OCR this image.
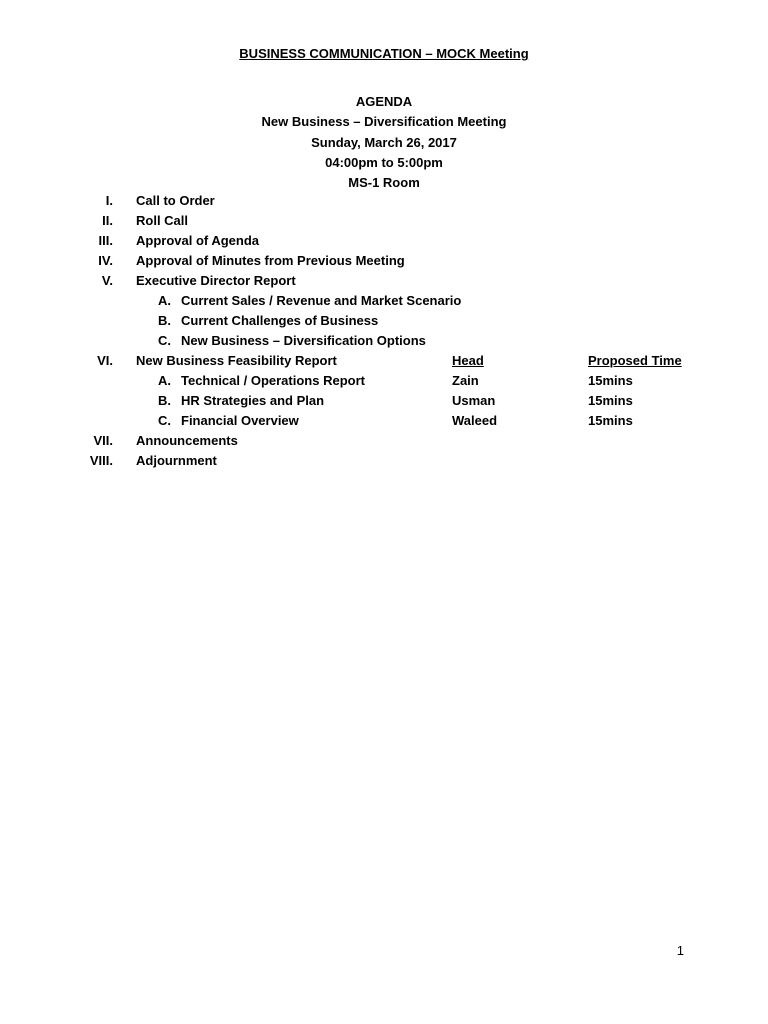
BUSINESS COMMUNICATION – MOCK Meeting
AGENDA
New Business – Diversification Meeting
Sunday, March 26, 2017
04:00pm to 5:00pm
MS-1 Room
I. Call to Order
II. Roll Call
III. Approval of Agenda
IV. Approval of Minutes from Previous Meeting
V. Executive Director Report
A. Current Sales / Revenue and Market Scenario
B. Current Challenges of Business
C. New Business – Diversification Options
VI. New Business Feasibility Report	Head	Proposed Time
A. Technical / Operations Report	Zain	15mins
B. HR Strategies and Plan	Usman	15mins
C. Financial Overview	Waleed	15mins
VII. Announcements
VIII. Adjournment
1
